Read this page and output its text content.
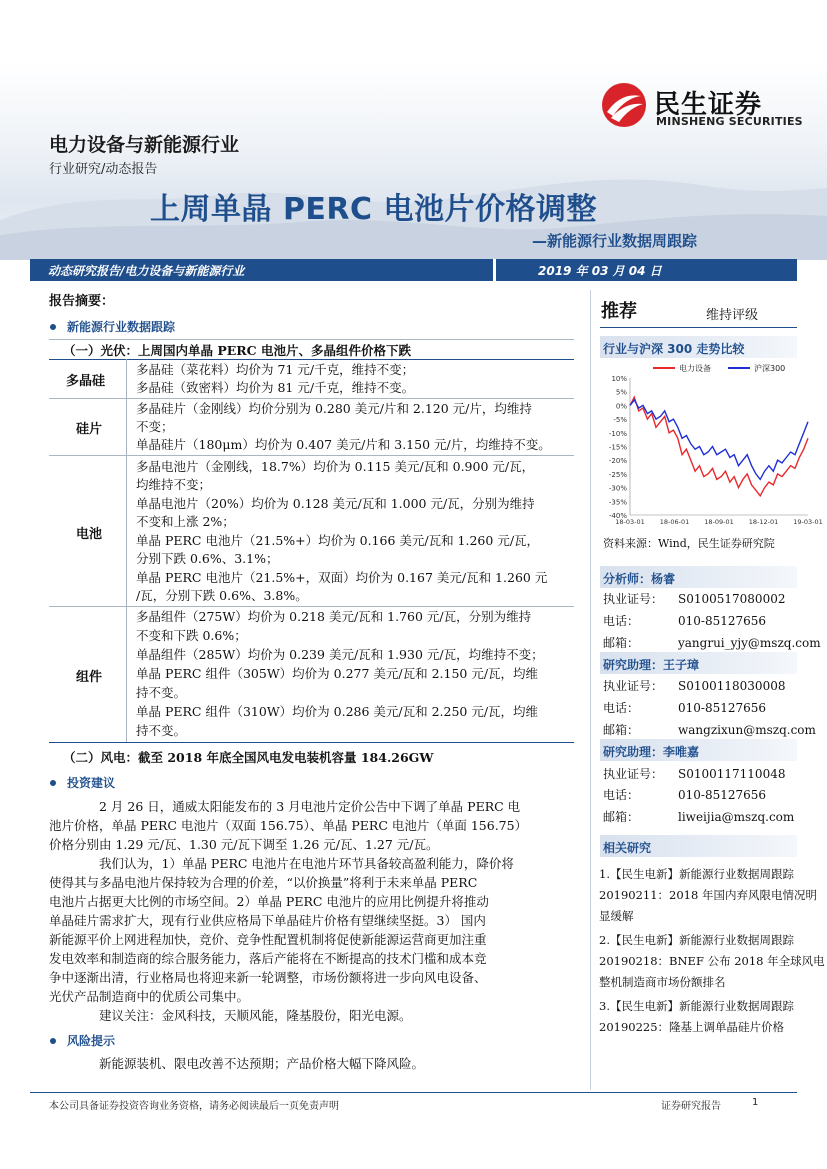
民生证券
MINSHENG SECURITIES
电力设备与新能源行业
行业研究/动态报告
上周单晶 PERC 电池片价格调整
—新能源行业数据周跟踪
动态研究报告/电力设备与新能源行业	2019 年 03 月 04 日
报告摘要：
新能源行业数据跟踪
（一）光伏：上周国内单晶 PERC 电池片、多晶组件价格下跌
多晶硅
多晶硅（菜花料）均价为 71 元/千克，维持不变；
多晶硅（致密料）均价为 81 元/千克，维持不变。
硅片
多晶硅片（金刚线）均价分别为 0.280 美元/片和 2.120 元/片，均维持
不变；
单晶硅片（180μm）均价为 0.407 美元/片和 3.150 元/片，均维持不变。
电池
多晶电池片（金刚线，18.7%）均价为 0.115 美元/瓦和 0.900 元/瓦，
均维持不变；
单晶电池片（20%）均价为 0.128 美元/瓦和 1.000 元/瓦，分别为维持
不变和上涨 2%；
单晶 PERC 电池片（21.5%+）均价为 0.166 美元/瓦和 1.260 元/瓦，
分别下跌 0.6%、3.1%；
单晶 PERC 电池片（21.5%+，双面）均价为 0.167 美元/瓦和 1.260 元
/瓦，分别下跌 0.6%、3.8%。
组件
多晶组件（275W）均价为 0.218 美元/瓦和 1.760 元/瓦，分别为维持
不变和下跌 0.6%；
单晶组件（285W）均价为 0.239 美元/瓦和 1.930 元/瓦，均维持不变；
单晶 PERC 组件（305W）均价为 0.277 美元/瓦和 2.150 元/瓦，均维
持不变。
单晶 PERC 组件（310W）均价为 0.286 美元/瓦和 2.250 元/瓦，均维
持不变。
（二）风电：截至 2018 年底全国风电发电装机容量 184.26GW
投资建议
2 月 26 日，通威太阳能发布的 3 月电池片定价公告中下调了单晶 PERC 电
池片价格，单晶 PERC 电池片（双面 156.75）、单晶 PERC 电池片（单面 156.75）
价格分别由 1.29 元/瓦、1.30 元/瓦下调至 1.26 元/瓦、1.27 元/瓦。
我们认为，1）单晶 PERC 电池片在电池片环节具备较高盈利能力，降价将
使得其与多晶电池片保持较为合理的价差，“以价换量”将利于未来单晶 PERC
电池片占据更大比例的市场空间。2）单晶 PERC 电池片的应用比例提升将推动
单晶硅片需求扩大，现有行业供应格局下单晶硅片价格有望继续坚挺。3） 国内
新能源平价上网进程加快，竞价、竞争性配置机制将促使新能源运营商更加注重
发电效率和制造商的综合服务能力，落后产能将在不断提高的技术门槛和成本竞
争中逐渐出清，行业格局也将迎来新一轮调整，市场份额将进一步向风电设备、
光伏产品制造商中的优质公司集中。
建议关注：金风科技，天顺风能，隆基股份，阳光电源。
风险提示
新能源装机、限电改善不达预期；产品价格大幅下降风险。
推荐	维持评级
行业与沪深 300 走势比较
电力设备	沪深300
10%
5%
0%
-5%
-10%
-15%
-20%
-25%
-30%
-35%
-40%
18-03-01 18-06-01 18-09-01 18-12-01 19-03-01
资料来源：Wind，民生证券研究院
分析师：杨睿
执业证号： S0100517080002
电话：	010-85127656
邮箱：	yangrui_yjy@mszq.com
研究助理：王子璋
执业证号： S0100118030008
电话：	010-85127656
邮箱：	wangzixun@mszq.com
研究助理：李唯嘉
执业证号： S0100117110048
电话：	010-85127656
邮箱：	liweijia@mszq.com
相关研究
1.【民生电新】新能源行业数据周跟踪
20190211：2018 年国内弃风限电情况明
显缓解
2.【民生电新】新能源行业数据周跟踪
20190218：BNEF 公布 2018 年全球风电
整机制造商市场份额排名
3.【民生电新】新能源行业数据周跟踪
20190225：隆基上调单晶硅片价格
本公司具备证券投资咨询业务资格，请务必阅读最后一页免责声明	证券研究报告	1
